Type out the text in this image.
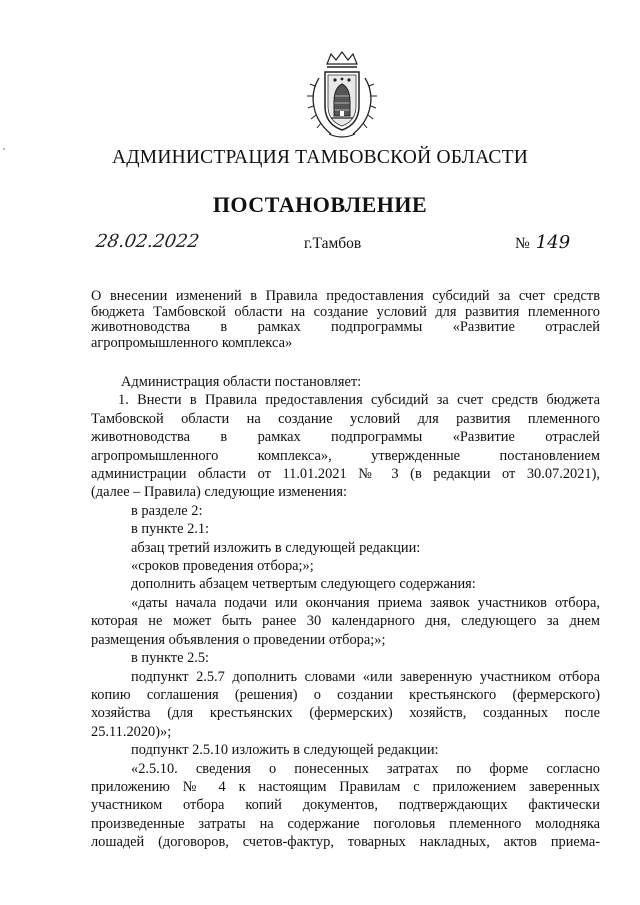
АДМИНИСТРАЦИЯ ТАМБОВСКОЙ ОБЛАСТИ
ПОСТАНОВЛЕНИЕ
28.02.2022	г.Тамбов	№ 149
О внесении изменений в Правила предоставления субсидий за счет средств
бюджета Тамбовской области на создание условий для развития племенного
животноводства в рамках подпрограммы «Развитие отраслей
агропромышленного комплекса»
Администрация области постановляет:
1. Внести в Правила предоставления субсидий за счет средств бюджета
Тамбовской области на создание условий для развития племенного
животноводства в рамках подпрограммы «Развитие отраслей
агропромышленного комплекса», утвержденные постановлением
администрации области от 11.01.2021 № 3 (в редакции от 30.07.2021),
(далее – Правила) следующие изменения:
в разделе 2:
в пункте 2.1:
абзац третий изложить в следующей редакции:
«сроков проведения отбора;»;
дополнить абзацем четвертым следующего содержания:
«даты начала подачи или окончания приема заявок участников отбора,
которая не может быть ранее 30 календарного дня, следующего за днем
размещения объявления о проведении отбора;»;
в пункте 2.5:
подпункт 2.5.7 дополнить словами «или заверенную участником отбора
копию соглашения (решения) о создании крестьянского (фермерского)
хозяйства (для крестьянских (фермерских) хозяйств, созданных после
25.11.2020)»;
подпункт 2.5.10 изложить в следующей редакции:
«2.5.10. сведения о понесенных затратах по форме согласно
приложению № 4 к настоящим Правилам с приложением заверенных
участником отбора копий документов, подтверждающих фактически
произведенные затраты на содержание поголовья племенного молодняка
лошадей (договоров, счетов-фактур, товарных накладных, актов приема-
